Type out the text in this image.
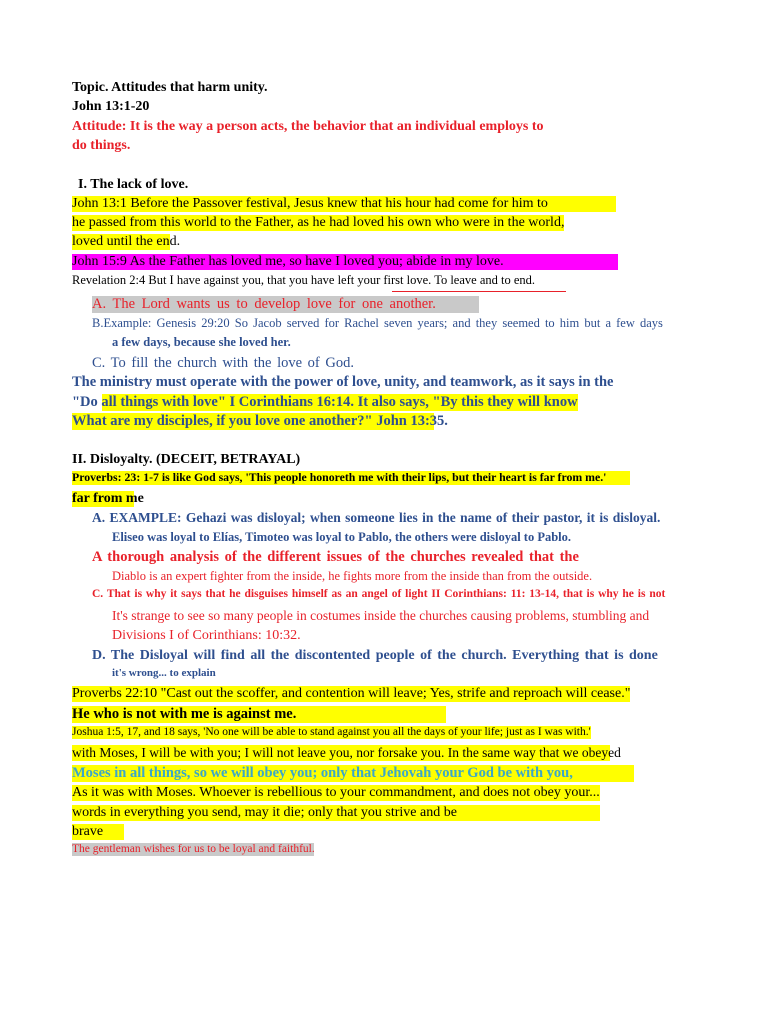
Topic. Attitudes that harm unity.
John 13:1-20
Attitude: It is the way a person acts, the behavior that an individual employs to
do things.
I. The lack of love.
John 13:1 Before the Passover festival, Jesus knew that his hour had come for him to
he passed from this world to the Father, as he had loved his own who were in the world,
loved until the end.
John 15:9 As the Father has loved me, so have I loved you; abide in my love.
Revelation 2:4 But I have against you, that you have left your first love. To leave and to end.
A. The Lord wants us to develop love for one another.
B.Example: Genesis 29:20 So Jacob served for Rachel seven years; and they seemed to him but a few days
a few days, because she loved her.
C. To fill the church with the love of God.
The ministry must operate with the power of love, unity, and teamwork, as it says in the
"Do all things with love" I Corinthians 16:14. It also says, "By this they will know
What are my disciples, if you love one another?" John 13:35.
II. Disloyalty. (DECEIT, BETRAYAL)
Proverbs: 23: 1-7 is like God says, 'This people honoreth me with their lips, but their heart is far from me.'
far from me
A. EXAMPLE: Gehazi was disloyal; when someone lies in the name of their pastor, it is disloyal.
Eliseo was loyal to Elías, Timoteo was loyal to Pablo, the others were disloyal to Pablo.
A thorough analysis of the different issues of the churches revealed that the
Diablo is an expert fighter from the inside, he fights more from the inside than from the outside.
C. That is why it says that he disguises himself as an angel of light II Corinthians: 11: 13-14, that is why he is not
It's strange to see so many people in costumes inside the churches causing problems, stumbling and
Divisions I of Corinthians: 10:32.
D. The Disloyal will find all the discontented people of the church. Everything that is done
it's wrong... to explain
Proverbs 22:10 "Cast out the scoffer, and contention will leave; Yes, strife and reproach will cease."
He who is not with me is against me.
Joshua 1:5, 17, and 18 says, 'No one will be able to stand against you all the days of your life; just as I was with.'
with Moses, I will be with you; I will not leave you, nor forsake you. In the same way that we obeyed
Moses in all things, so we will obey you; only that Jehovah your God be with you,
As it was with Moses. Whoever is rebellious to your commandment, and does not obey your...
words in everything you send, may it die; only that you strive and be
brave
The gentleman wishes for us to be loyal and faithful.
